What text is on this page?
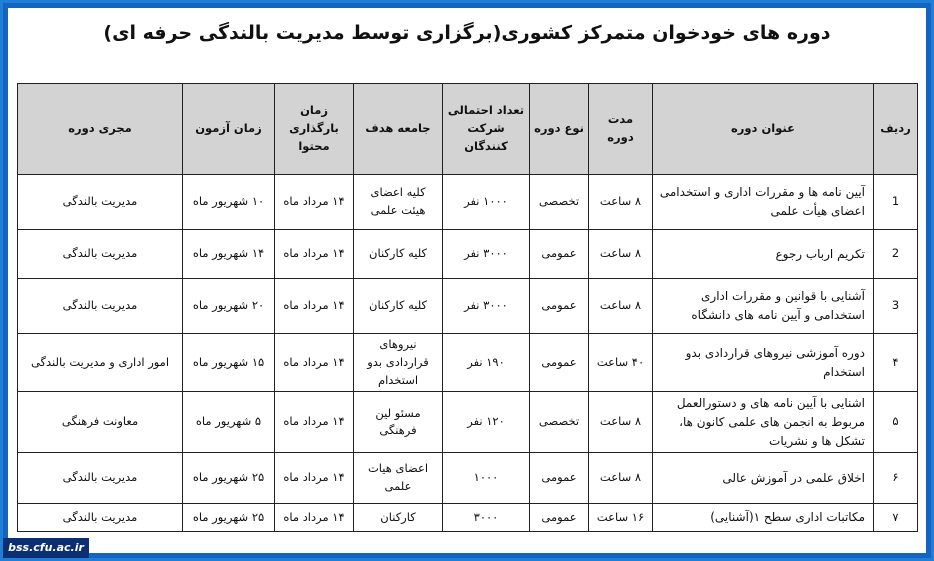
دوره های خودخوان متمرکز کشوری(برگزاری توسط مدیریت بالندگی حرفه ای)
ردیف	عنوان دوره	مدت دوره	نوع دوره	تعداد احتمالی شرکت کنندگان	جامعه هدف	زمان بارگذاری محتوا	زمان آزمون	مجری دوره
1	آیین نامه ها و مقررات اداری و استخدامی اعضای هیأت علمی	۸ ساعت	تخصصی	۱۰۰۰ نفر	کلیه اعضای هیئت علمی	۱۴ مرداد ماه	۱۰ شهریور ماه	مدیریت بالندگی
2	تکریم ارباب رجوع	۸ ساعت	عمومی	۳۰۰۰ نفر	کلیه کارکنان	۱۴ مرداد ماه	۱۴ شهریور ماه	مدیریت بالندگی
3	آشنایی با قوانین و مقررات اداری استخدامی و آیین نامه های دانشگاه	۸ ساعت	عمومی	۳۰۰۰ نفر	کلیه کارکنان	۱۴ مرداد ماه	۲۰ شهریور ماه	مدیریت بالندگی
۴	دوره آموزشی نیروهای قراردادی بدو استخدام	۴۰ ساعت	عمومی	۱۹۰ نفر	نیروهای قراردادی بدو استخدام	۱۴ مرداد ماه	۱۵ شهریور ماه	امور اداری و مدیریت بالندگی
۵	اشنایی با آیین نامه های و دستورالعمل مربوط به انجمن های علمی کانون ها، تشکل ها و نشریات	۸ ساعت	تخصصی	۱۲۰ نفر	مسئو لین فرهنگی	۱۴ مرداد ماه	۵ شهریور ماه	معاونت فرهنگی
۶	اخلاق علمی در آموزش عالی	۸ ساعت	عمومی	۱۰۰۰	اعضای هیات علمی	۱۴ مرداد ماه	۲۵ شهریور ماه	مدیریت بالندگی
۷	مکاتبات اداری سطح ۱(آشنایی)	۱۶ ساعت	عمومی	۳۰۰۰	کارکنان	۱۴ مرداد ماه	۲۵ شهریور ماه	مدیریت بالندگی
bss.cfu.ac.ir
